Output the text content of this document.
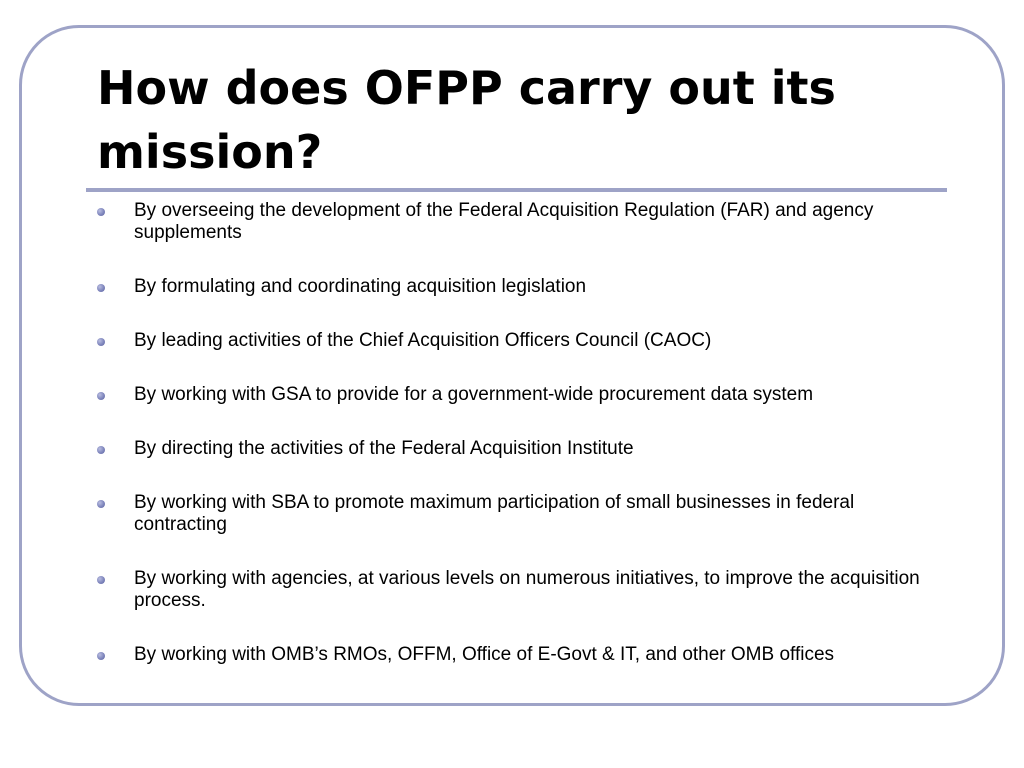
How does OFPP carry out its mission?
By overseeing the development of the Federal Acquisition Regulation (FAR) and agency supplements
By formulating and coordinating acquisition legislation
By leading activities of the Chief Acquisition Officers Council (CAOC)
By working with GSA to provide for a government-wide procurement data system
By directing the activities of the Federal Acquisition Institute
By working with SBA to promote maximum participation of small businesses in federal contracting
By working with agencies, at various levels on numerous initiatives, to improve the acquisition process.
By working with OMB’s RMOs, OFFM, Office of E-Govt & IT, and other OMB offices
